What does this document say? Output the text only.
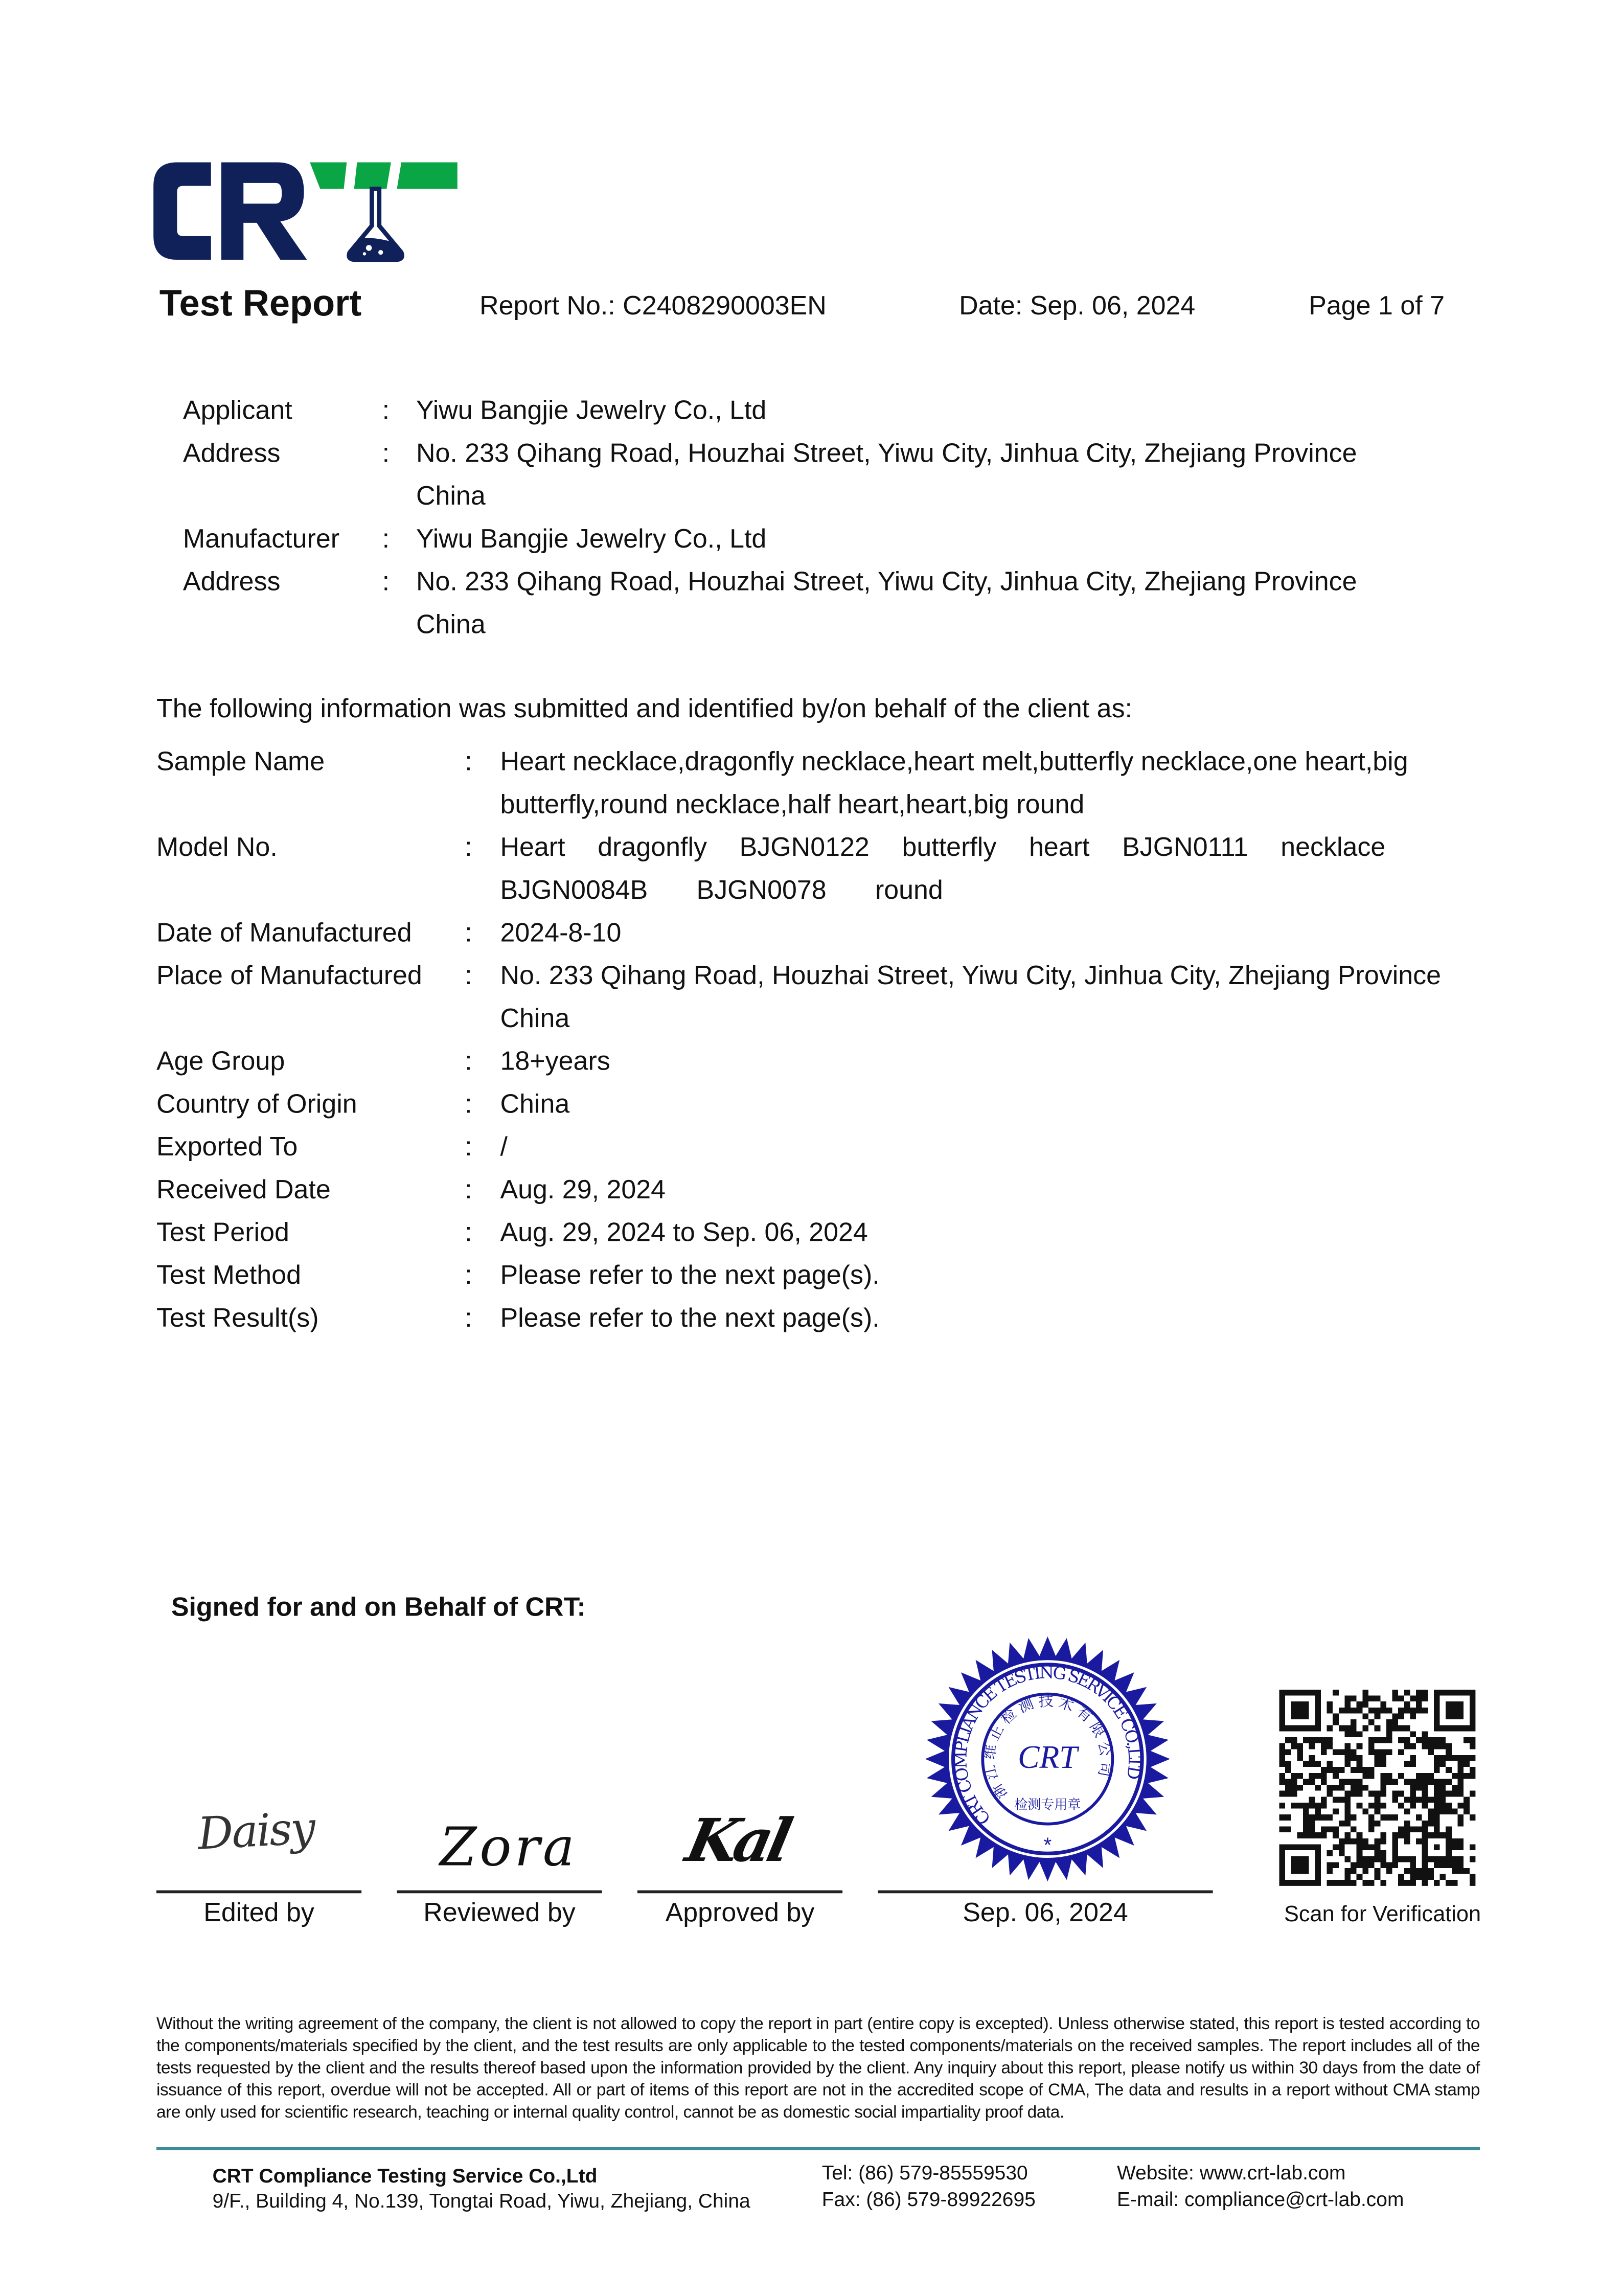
Test Report	Report No.: C2408290003EN	Date: Sep. 06, 2024	Page 1 of 7
Applicant	:	Yiwu Bangjie Jewelry Co., Ltd
Address	:	No. 233 Qihang Road, Houzhai Street, Yiwu City, Jinhua City, Zhejiang Province
China
Manufacturer	:	Yiwu Bangjie Jewelry Co., Ltd
Address	:	No. 233 Qihang Road, Houzhai Street, Yiwu City, Jinhua City, Zhejiang Province
China
The following information was submitted and identified by/on behalf of the client as:
Sample Name	:	Heart necklace,dragonfly necklace,heart melt,butterfly necklace,one heart,big
butterfly,round necklace,half heart,heart,big round
Model No.	:	Heart dragonfly BJGN0122 butterfly heart BJGN0111 necklace
BJGN0084B BJGN0078 round
Date of Manufactured	:	2024-8-10
Place of Manufactured	:	No. 233 Qihang Road, Houzhai Street, Yiwu City, Jinhua City, Zhejiang Province
China
Age Group	:	18+years
Country of Origin	:	China
Exported To	:	/
Received Date	:	Aug. 29, 2024
Test Period	:	Aug. 29, 2024 to Sep. 06, 2024
Test Method	:	Please refer to the next page(s).
Test Result(s)	:	Please refer to the next page(s).
Signed for and on Behalf of CRT:
Daisy	Zora	Kal
Edited by	Reviewed by	Approved by	Sep. 06, 2024
CRT COMPLIANCE TESTING SERVICE CO.,LTD
浙江维正检测技术有限公司
CRT
检测专用章
*
Scan for Verification
Without the writing agreement of the company, the client is not allowed to copy the report in part (entire copy is excepted). Unless otherwise stated, this report is tested according to the components/materials specified by the client, and the test results are only applicable to the tested components/materials on the received samples. The report includes all of the tests requested by the client and the results thereof based upon the information provided by the client. Any inquiry about this report, please notify us within 30 days from the date of issuance of this report, overdue will not be accepted. All or part of items of this report are not in the accredited scope of CMA, The data and results in a report without CMA stamp are only used for scientific research, teaching or internal quality control, cannot be as domestic social impartiality proof data.
CRT Compliance Testing Service Co.,Ltd
9/F., Building 4, No.139, Tongtai Road, Yiwu, Zhejiang, China
Tel: (86) 579-85559530
Fax: (86) 579-89922695
Website: www.crt-lab.com
E-mail: compliance@crt-lab.com
